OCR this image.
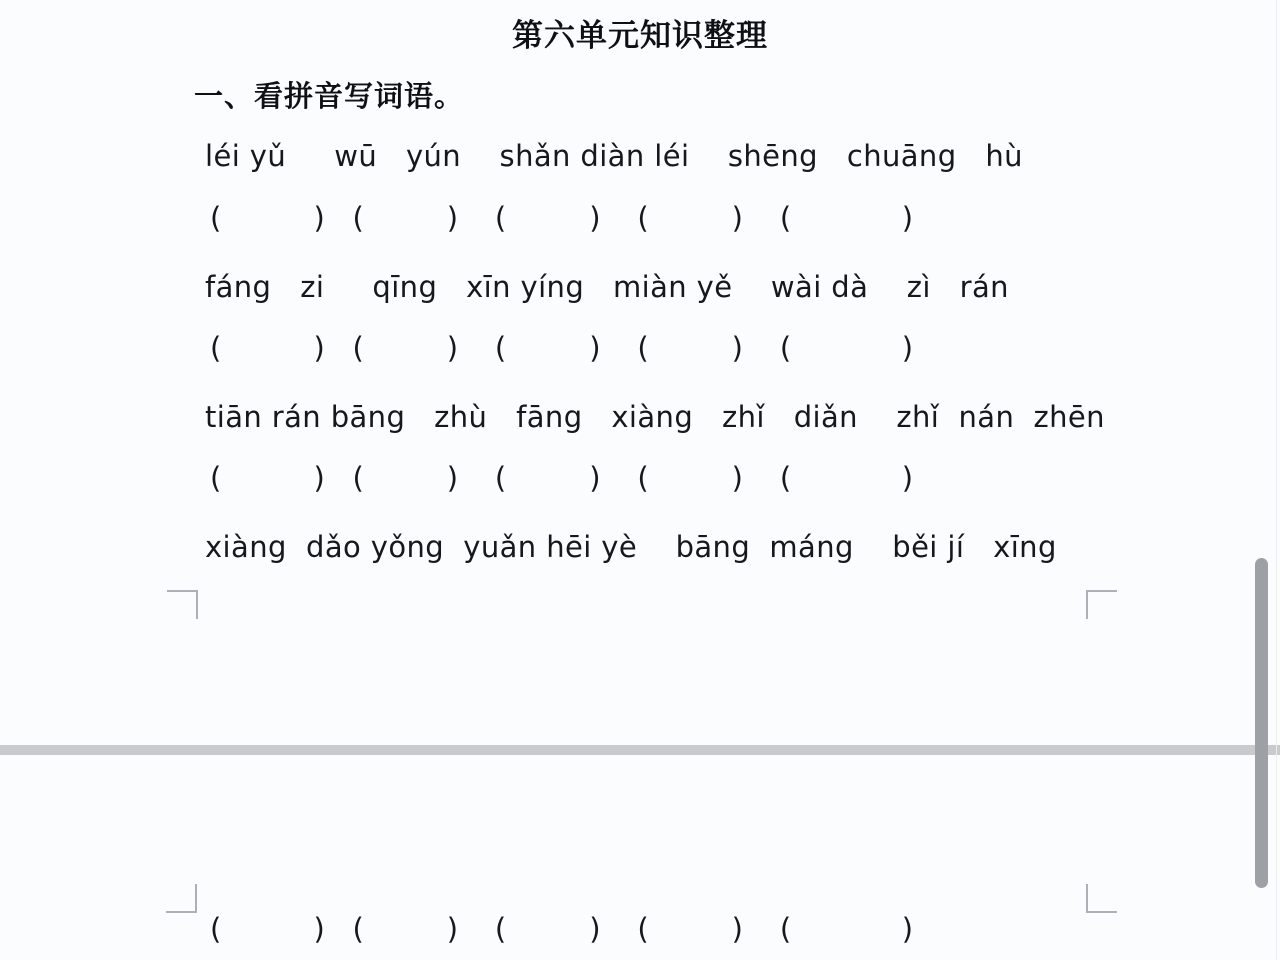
第六单元知识整理
一、看拼音写词语。
léi yǔ     wū   yún    shǎn diàn léi    shēng   chuāng   hù
(          )   (         )    (         )    (         )    (            )
fáng   zi     qīng   xīn yíng   miàn yě    wài dà    zì   rán
(          )   (         )    (         )    (         )    (            )
tiān rán bāng   zhù   fāng   xiàng   zhǐ   diǎn    zhǐ  nán  zhēn
(          )   (         )    (         )    (         )    (            )
xiàng  dǎo yǒng  yuǎn hēi yè    bāng  máng    běi jí   xīng
(          )   (         )    (         )    (         )    (            )
